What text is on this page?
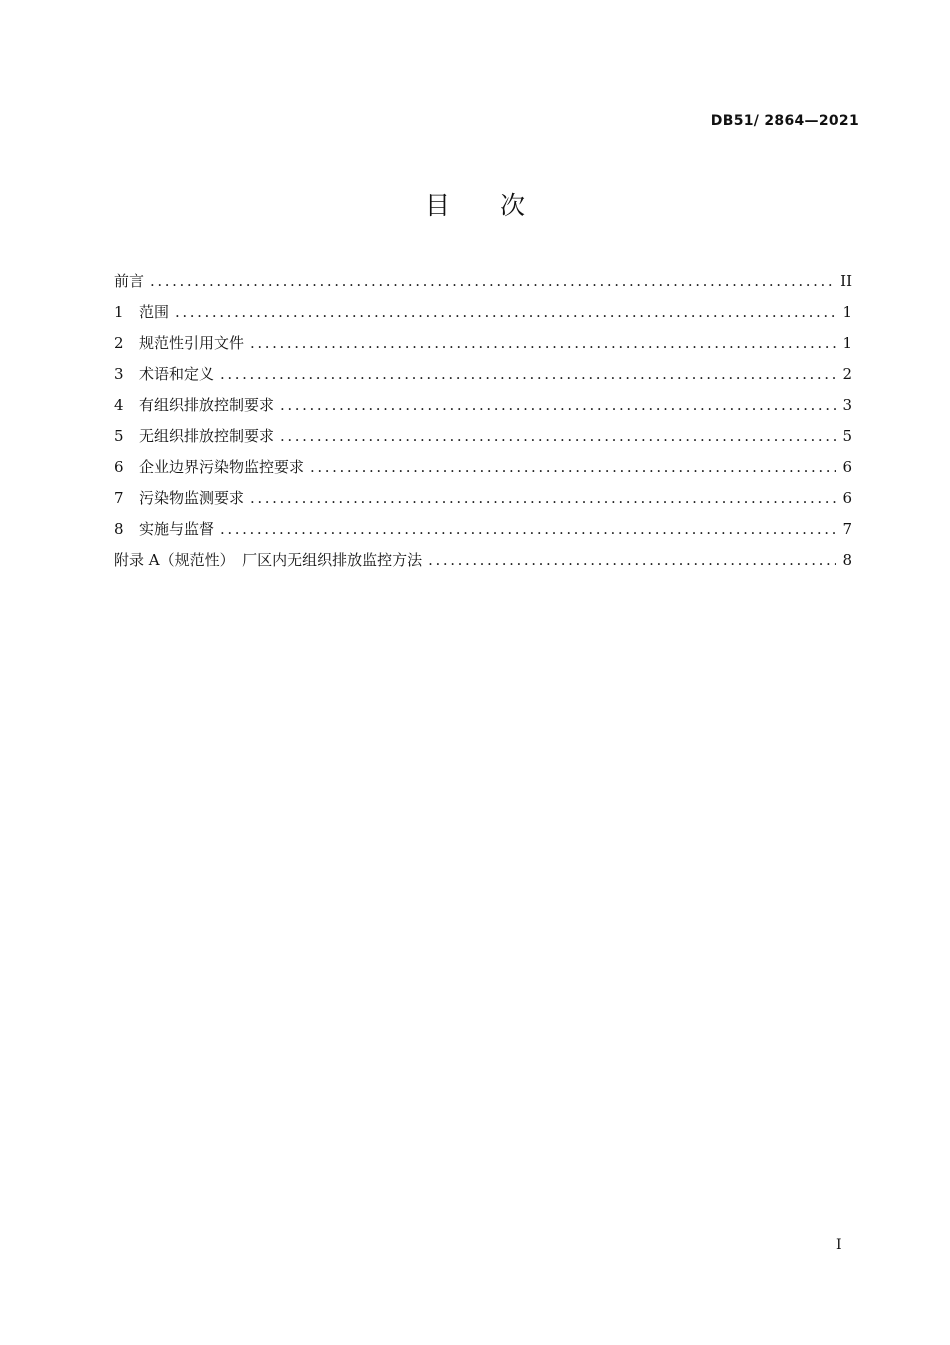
DB51/ 2864—2021
目 次
前言 .....	II
1	范围 .....	1
2	规范性引用文件 .....	1
3	术语和定义 .....	2
4	有组织排放控制要求 .....	3
5	无组织排放控制要求 .....	5
6	企业边界污染物监控要求 .....	6
7	污染物监测要求 .....	6
8	实施与监督 .....	7
附录 A（规范性）　厂区内无组织排放监控方法 .....	8
I
